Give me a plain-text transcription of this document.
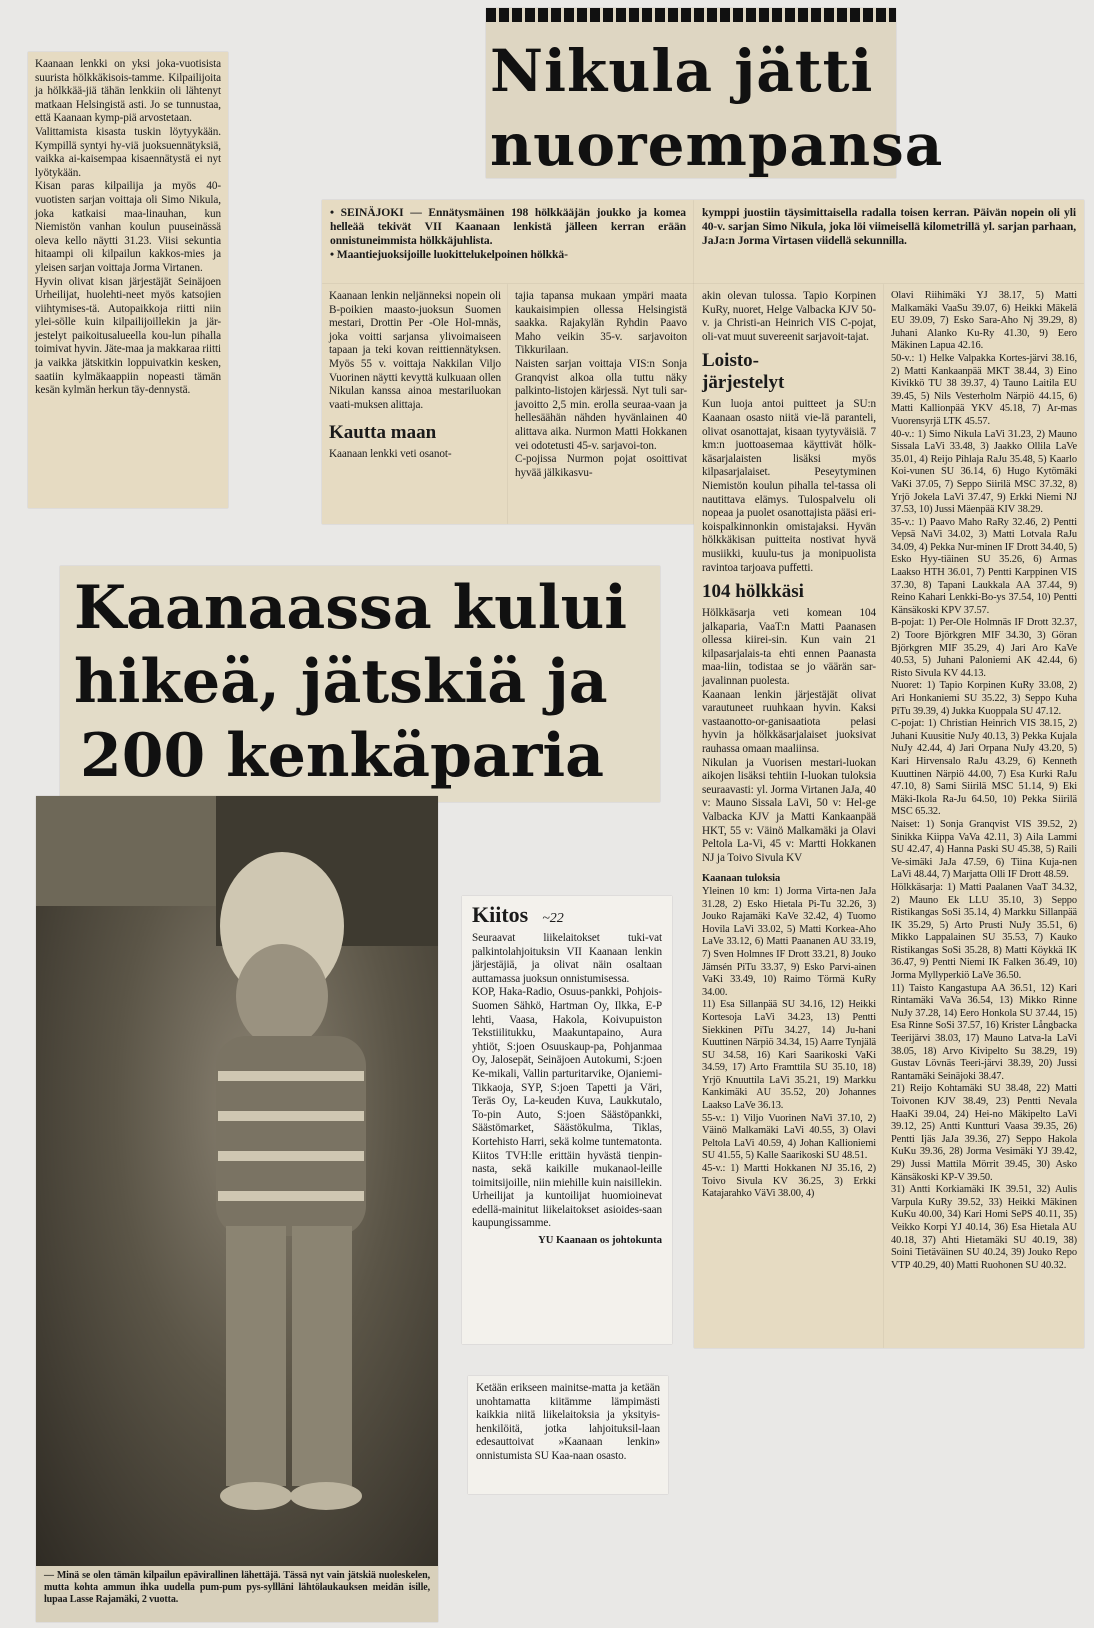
Kaanaan lenkki on yksi joka-vuotisista suurista hölkkäkisois-tamme. Kilpailijoita ja hölkkää-jiä tähän lenkkiin oli lähtenyt matkaan Helsingistä asti. Jo se tunnustaa, että Kaanaan kymp-piä arvostetaan.
Valittamista kisasta tuskin löytyykään. Kympillä syntyi hy-viä juoksuennätyksiä, vaikka ai-kaisempaa kisaennätystä ei nyt lyötykään.
Kisan paras kilpailija ja myös 40-vuotisten sarjan voittaja oli Simo Nikula, joka katkaisi maa-linauhan, kun Niemistön vanhan koulun puuseinässä oleva kello näytti 31.23. Viisi sekuntia hitaampi oli kilpailun kakkos-mies ja yleisen sarjan voittaja Jorma Virtanen.
Hyvin olivat kisan järjestäjät Seinäjoen Urheilijat, huolehti-neet myös katsojien viihtymises-tä. Autopaikkoja riitti niin ylei-sölle kuin kilpailijoillekin ja jär-jestelyt paikoitusalueella kou-lun pihalla toimivat hyvin. Jäte-maa ja makkaraa riitti ja vaikka jätskitkin loppuivatkin kesken, saatiin kylmäkaappiin nopeasti tämän kesän kylmän herkun täy-dennystä.
Nikula jätti
nuorempansa
• SEINÄJOKI — Ennätysmäinen 198 hölkkääjän joukko ja komea helleää tekivät VII Kaanaan lenkistä jälleen kerran erään onnistuneimmista hölkkäjuhlista.
• Maantiejuoksijoille luokittelukelpoinen hölkkä-
kymppi juostiin täysimittaisella radalla toisen kerran. Päivän nopein oli yli 40-v. sarjan Simo Nikula, joka löi viimeisellä kilometrillä yl. sarjan parhaan, JaJa:n Jorma Virtasen viidellä sekunnilla.
Kaanaan lenkin neljänneksi nopein oli B-poikien maasto-juoksun Suomen mestari, Drottin Per -Ole Hol-mnäs, joka voitti sarjansa ylivoimaiseen tapaan ja teki kovan reittiennätyksen. Myös 55 v. voittaja Nakkilan Viljo Vuorinen näytti kevyttä kulkuaan ollen Nikulan kanssa ainoa mestariluokan vaati-muksen alittaja.
Kautta maan
Kaanaan lenkki veti osanot-
tajia tapansa mukaan ympäri maata kaukaisimpien ollessa Helsingistä saakka. Rajakylän Ryhdin Paavo Maho veikin 35-v. sarjavoiton Tikkurilaan.
Naisten sarjan voittaja VIS:n Sonja Granqvist alkoa olla tuttu näky palkinto-listojen kärjessä. Nyt tuli sar-javoitto 2,5 min. erolla seuraa-vaan ja hellesäähän nähden hyvänlainen 40 alittava aika. Nurmon Matti Hokkanen vei odotetusti 45-v. sarjavoi-ton.
C-pojissa Nurmon pojat osoittivat hyvää jälkikasvu-
akin olevan tulossa. Tapio Korpinen KuRy, nuoret, Helge Valbacka KJV 50-v. ja Christi-an Heinrich VIS C-pojat, oli-vat muut suvereenit sarjavoit-tajat.
Loisto-järjestelyt
Kun luoja antoi puitteet ja SU:n Kaanaan osasto niitä vie-lä paranteli, olivat osanottajat, kisaan tyytyväisiä. 7 km:n juottoasemaa käyttivät hölk-käsarjalaisten lisäksi myös kilpasarjalaiset. Peseytyminen Niemistön koulun pihalla tel-tassa oli nautittava elämys. Tulospalvelu oli nopeaa ja puolet osanottajista pääsi eri-koispalkinnonkin omistajaksi. Hyvän hölkkäkisan puitteita nostivat hyvä musiikki, kuulu-tus ja monipuolista ravintoa tarjoava puffetti.
104 hölkkäsi
Hölkkäsarja veti komean 104 jalkaparia, VaaT:n Matti Paanasen ollessa kiirei-sin. Kun vain 21 kilpasarjalais-ta ehti ennen Paanasta maa-liin, todistaa se jo väärän sar-javalinnan puolesta.
Kaanaan lenkin järjestäjät olivat varautuneet ruuhkaan hyvin. Kaksi vastaanotto-or-ganisaatiota pelasi hyvin ja hölkkäsarjalaiset juoksivat rauhassa omaan maaliinsa.
Nikulan ja Vuorisen mestari-luokan aikojen lisäksi tehtiin I-luokan tuloksia seuraavasti: yl. Jorma Virtanen JaJa, 40 v: Mauno Sissala LaVi, 50 v: Hel-ge Valbacka KJV ja Matti Kankaanpää HKT, 55 v: Väinö Malkamäki ja Olavi Peltola La-Vi, 45 v: Martti Hokkanen NJ ja Toivo Sivula KV
Kaanaan tuloksia
Yleinen 10 km: 1) Jorma Virta-nen JaJa 31.28, 2) Esko Hietala Pi-Tu 32.26, 3) Jouko Rajamäki KaVe 32.42, 4) Tuomo Hovila LaVi 33.02, 5) Matti Korkea-Aho LaVe 33.12, 6) Matti Paananen AU 33.19, 7) Sven Holmnes IF Drott 33.21, 8) Jouko Jämsén PiTu 33.37, 9) Esko Parvi-ainen VaKi 33.49, 10) Raimo Törmä KuRy 34.00.
11) Esa Sillanpää SU 34.16, 12) Heikki Kortesoja LaVi 34.23, 13) Pentti Siekkinen PiTu 34.27, 14) Ju-hani Kuuttinen Närpiö 34.34, 15) Aarre Tynjälä SU 34.58, 16) Kari Saarikoski VaKi 34.59, 17) Arto Framttila SU 35.10, 18) Yrjö Knuuttila LaVi 35.21, 19) Markku Kankimäki AU 35.52, 20) Johannes Laakso LaVe 36.13.
55-v.: 1) Viljo Vuorinen NaVi 37.10, 2) Väinö Malkamäki LaVi 40.55, 3) Olavi Peltola LaVi 40.59, 4) Johan Kallioniemi SU 41.55, 5) Kalle Saarikoski SU 48.51.
45-v.: 1) Martti Hokkanen NJ 35.16, 2) Toivo Sivula KV 36.25, 3) Erkki Katajarahko VäVi 38.00, 4)
Olavi Riihimäki YJ 38.17, 5) Matti Malkamäki VaaSu 39.07, 6) Heikki Mäkelä EU 39.09, 7) Esko Sara-Aho Nj 39.29, 8) Juhani Alanko Ku-Ry 41.30, 9) Eero Mäkinen Lapua 42.16.
50-v.: 1) Helke Valpakka Kortes-järvi 38.16, 2) Matti Kankaanpää MKT 38.44, 3) Eino Kivikkö TU 38 39.37, 4) Tauno Laitila EU 39.45, 5) Nils Vesterholm Närpiö 44.15, 6) Matti Kallionpää YKV 45.18, 7) Ar-mas Vuorensyrjä LTK 45.57.
40-v.: 1) Simo Nikula LaVi 31.23, 2) Mauno Sissala LaVi 33.48, 3) Jaakko Ollila LaVe 35.01, 4) Reijo Pihlaja RaJu 35.48, 5) Kaarlo Koi-vunen SU 36.14, 6) Hugo Kytömäki VaKi 37.05, 7) Seppo Siirilä MSC 37.32, 8) Yrjö Jokela LaVi 37.47, 9) Erkki Niemi NJ 37.53, 10) Jussi Mäenpää KIV 38.29.
35-v.: 1) Paavo Maho RaRy 32.46, 2) Pentti Vepsä NaVi 34.02, 3) Matti Lotvala RaJu 34.09, 4) Pekka Nur-minen IF Drott 34.40, 5) Esko Hyy-tiäinen SU 35.26, 6) Armas Laakso HTH 36.01, 7) Pentti Karppinen VIS 37.30, 8) Tapani Laukkala AA 37.44, 9) Reino Kahari Lenkki-Bo-ys 37.54, 10) Pentti Känsäkoski KPV 37.57.
B-pojat: 1) Per-Ole Holmnäs IF Drott 32.37, 2) Toore Björkgren MIF 34.30, 3) Göran Björkgren MIF 35.29, 4) Jari Aro KaVe 40.53, 5) Juhani Paloniemi AK 42.44, 6) Risto Sivula KV 44.13.
Nuoret: 1) Tapio Korpinen KuRy 33.08, 2) Ari Honkaniemi SU 35.22, 3) Seppo Kuha PiTu 39.39, 4) Jukka Kuoppala SU 47.12.
C-pojat: 1) Christian Heinrich VIS 38.15, 2) Juhani Kuusitie NuJy 40.13, 3) Pekka Kujala NuJy 42.44, 4) Jari Orpana NuJy 43.20, 5) Kari Hirvensalo RaJu 43.29, 6) Kenneth Kuuttinen Närpiö 44.00, 7) Esa Kurki RaJu 47.10, 8) Sami Siirilä MSC 51.14, 9) Eki Mäki-Ikola Ra-Ju 64.50, 10) Pekka Siirilä MSC 65.32.
Naiset: 1) Sonja Granqvist VIS 39.52, 2) Sinikka Kiippa VaVa 42.11, 3) Aila Lammi SU 42.47, 4) Hanna Paski SU 45.38, 5) Raili Ve-simäki JaJa 47.59, 6) Tiina Kuja-nen LaVi 48.44, 7) Marjatta Olli IF Drott 48.59.
Hölkkäsarja: 1) Matti Paalanen VaaT 34.32, 2) Mauno Ek LLU 35.10, 3) Seppo Ristikangas SoSi 35.14, 4) Markku Sillanpää IK 35.29, 5) Arto Prusti NuJy 35.51, 6) Mikko Lappalainen SU 35.53, 7) Kauko Ristikangas SoSi 35.28, 8) Matti Köykkä IK 36.47, 9) Pentti Niemi IK Falken 36.49, 10) Jorma Myllyperkiö LaVe 36.50.
11) Taisto Kangastupa AA 36.51, 12) Kari Rintamäki VaVa 36.54, 13) Mikko Rinne NuJy 37.28, 14) Eero Honkola SU 37.44, 15) Esa Rinne SoSi 37.57, 16) Krister Långbacka Teerijärvi 38.03, 17) Mauno Latva-la LaVi 38.05, 18) Arvo Kivipelto Su 38.29, 19) Gustav Lövnäs Teeri-järvi 38.39, 20) Jussi Rantamäki Seinäjoki 38.47.
21) Reijo Kohtamäki SU 38.48, 22) Matti Toivonen KJV 38.49, 23) Pentti Nevala HaaKi 39.04, 24) Hei-no Mäkipelto LaVi 39.12, 25) Antti Kuntturi Vaasa 39.35, 26) Pentti Ijäs JaJa 39.36, 27) Seppo Hakola KuKu 39.36, 28) Jorma Vesimäki YJ 39.42, 29) Jussi Mattila Mörrit 39.45, 30) Asko Känsäkoski KP-V 39.50.
31) Antti Korkiamäki IK 39.51, 32) Aulis Varpula KuRy 39.52, 33) Heikki Mäkinen KuKu 40.00, 34) Kari Homi SePS 40.11, 35) Veikko Korpi YJ 40.14, 36) Esa Hietala AU 40.18, 37) Ahti Hietamäki SU 40.19, 38) Soini Tietäväinen SU 40.24, 39) Jouko Repo VTP 40.29, 40) Matti Ruohonen SU 40.32.
Kaanaassa kului
hikeä, jätskiä ja
200 kenkäparia
— Minä se olen tämän kilpailun epävirallinen lähettäjä. Tässä nyt vain jätskiä nuoleskelen, mutta kohta ammun ihka uudella pum-pum pys-syllläni lähtölaukauksen meidän isille, lupaa Lasse Rajamäki, 2 vuotta.
Kiitos ~22
Seuraavat liikelaitokset tuki-vat palkintolahjoituksin VII Kaanaan lenkin järjestäjiä, ja olivat näin osaltaan auttamassa juoksun onnistumisessa.
KOP, Haka-Radio, Osuus-pankki, Pohjois-Suomen Sähkö, Hartman Oy, Ilkka, E-P lehti, Vaasa, Hakola, Koivupuiston Tekstiilitukku, Maakuntapaino, Aura yhtiöt, S:joen Osuuskaup-pa, Pohjanmaa Oy, Jalosepät, Seinäjoen Autokumi, S:joen Ke-mikali, Vallin parturitarvike, Ojaniemi-Tikkaoja, SYP, S:joen Tapetti ja Väri, Teräs Oy, La-keuden Kuva, Laukkutalo, To-pin Auto, S:joen Säästöpankki, Säästömarket, Säästökulma, Tiklas, Kortehisto Harri, sekä kolme tuntematonta. Kiitos TVH:lle erittäin hyvästä tienpin-nasta, sekä kaikille mukanaol-leille toimitsijoille, niin miehille kuin naisillekin. Urheilijat ja kuntoilijat huomioinevat edellä-mainitut liikelaitokset asioides-saan kaupungissamme.
YU Kaanaan os johtokunta
Ketään erikseen mainitse-matta ja ketään unohtamatta kiitämme lämpimästi kaikkia niitä liikelaitoksia ja yksityis-henkilöitä, jotka lahjoituksil-laan edesauttoivat »Kaanaan lenkin» onnistumista SU Kaa-naan osasto.
